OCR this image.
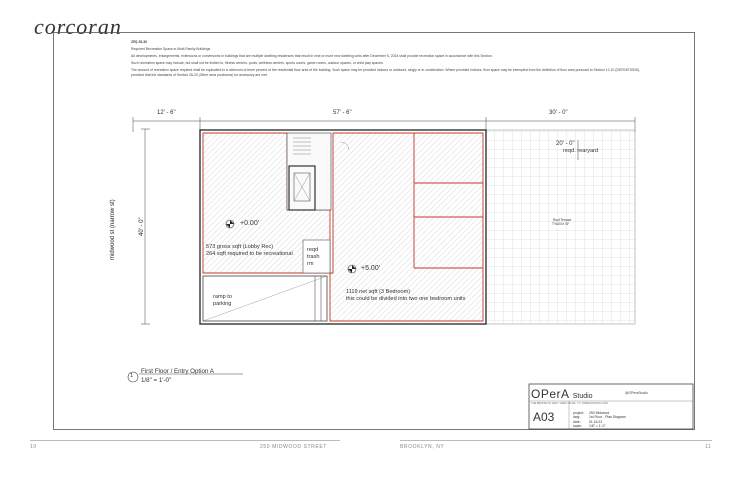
corcoran

ZR§ 28-30

Required Recreation Space in Multi-Family Buildings

All developments, enlargements, extensions or conversions in buildings that are multiple dwelling residences that result in nine or more new dwelling units after December 5, 2024 shall provide recreation space in accordance with this Section.

Such recreation space may include, but shall not be limited to, fitness centers, pools, wellness centers, sports courts, game rooms, outdoor spaces, or child play spaces.

The amount of recreation space required shall be equivalent to a minimum of three percent of the residential floor area of the building. Such space may be provided indoors or outdoors, singly or in combination. Where provided indoors, floor space may be exempted from the definition of floor area pursuant to Section 12-10 (DEFINITIONS), provided that the standards of Section 28-20 (Other area provisions) for accessory are met.

12' - 6"	57' - 6"	30' - 0"
40' - 0"
midwood st (narrow st)
20' - 0"
reqd. rearyard
Roof Terrace
TYAXXX SF
+0.00'
573 gross sqft (Lobby Rec)
264 sqft required to be recreational
reqd
trash
rm
ramp to
parking
+5.00'
1119 net sqft (3 Bedroom)
this could be divided into two one bedroom units
1
First Floor / Entry Option A
1/8" = 1'-0"
OPerA Studio	@OPeraStudio
THE BROOKLYN NAVY YARD / BLDG. 77 | OPERASTUDIO.COM
A03	project: 250 Midwood
dwg:	1st Floor - Plan Diagram
date: 01.16.22
scale: 1/8" = 1'-0"
10	250 MIDWOOD STREET	BROOKLYN, NY	11
